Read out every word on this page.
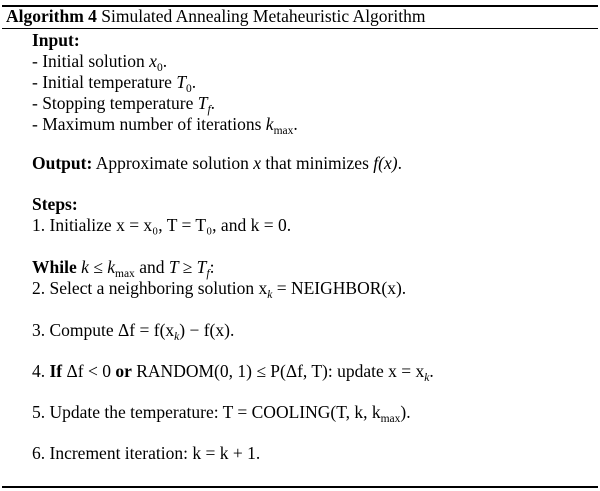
Algorithm 4 Simulated Annealing Metaheuristic Algorithm
Input:
- Initial solution $x_0$.
- Initial temperature $T_0$.
- Stopping temperature $T_f$.
- Maximum number of iterations $k_{max}$.
Output: Approximate solution x that minimizes f(x).
Steps:
1. Initialize x = x₀, T = T₀, and k = 0.
While $k \le k_{max}$ and $T \ge T_f$:
2. Select a neighboring solution $x_k$ = NEIGHBOR(x).
3. Compute $\Delta f = f(x_k) - f(x)$.
4. If Δf < 0 or RANDOM(0, 1) ≤ P(Δf, T): update $x = x_k$.
5. Update the temperature: T = COOLING(T, k, $k_{max}$).
6. Increment iteration: k = k + 1.
